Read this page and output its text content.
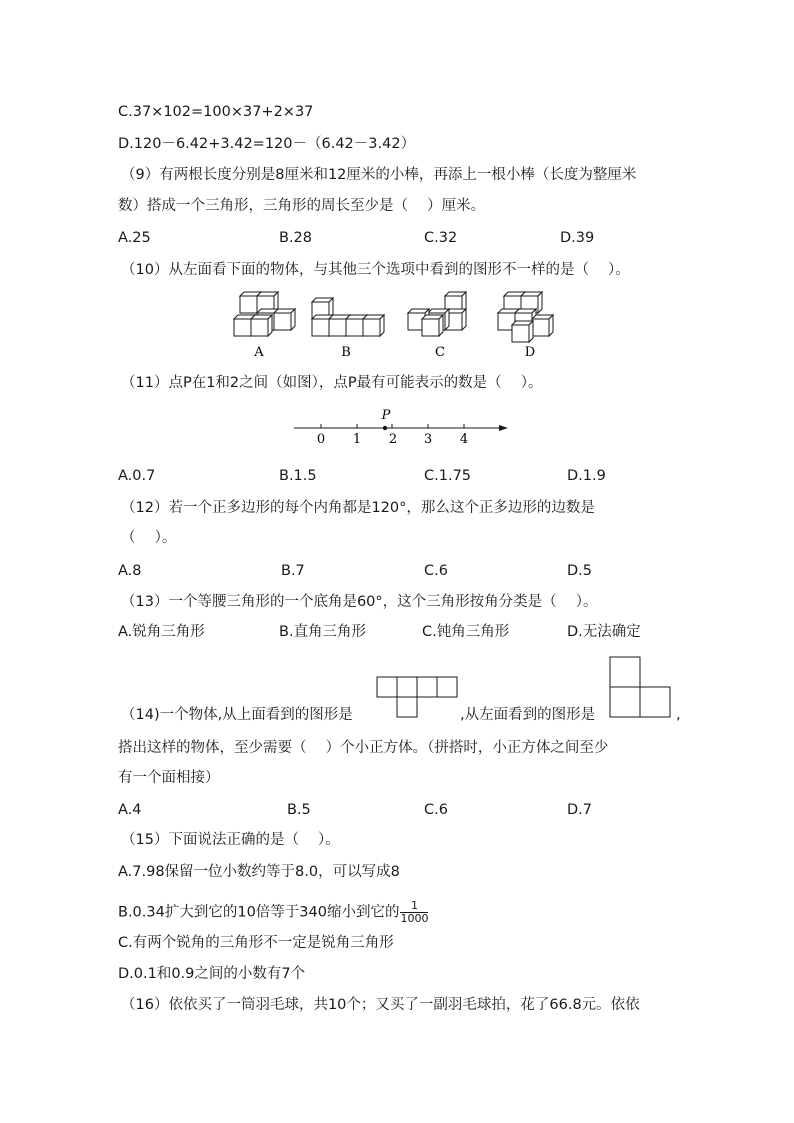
C.37×102=100×37+2×37
D.120－6.42+3.42=120－（6.42－3.42）
（9）有两根长度分别是8厘米和12厘米的小棒，再添上一根小棒（长度为整厘米
数）搭成一个三角形，三角形的周长至少是（　 ）厘米。
A.25	B.28	C.32	D.39
（10）从左面看下面的物体，与其他三个选项中看到的图形不一样的是（　 ）。
A	B	C	D
（11）点P在1和2之间（如图），点P最有可能表示的数是（　 ）。
P
0 1 2 3 4
A.0.7	B.1.5	C.1.75	D.1.9
（12）若一个正多边形的每个内角都是120°，那么这个正多边形的边数是
（　 ）。
A.8	B.7	C.6	D.5
（13）一个等腰三角形的一个底角是60°，这个三角形按角分类是（　 ）。
A.锐角三角形	B.直角三角形	C.钝角三角形	D.无法确定
（14)一个物体,从上面看到的图形是	,从左面看到的图形是	,
搭出这样的物体，至少需要（　 ）个小正方体。（拼搭时，小正方体之间至少
有一个面相接）
A.4	B.5	C.6	D.7
（15）下面说法正确的是（　 ）。
A.7.98保留一位小数约等于8.0，可以写成8
B.0.34扩大到它的10倍等于340缩小到它的 $\frac{1}{1000}$
C.有两个锐角的三角形不一定是锐角三角形
D.0.1和0.9之间的小数有7个
（16）依依买了一筒羽毛球，共10个；又买了一副羽毛球拍，花了66.8元。依依
